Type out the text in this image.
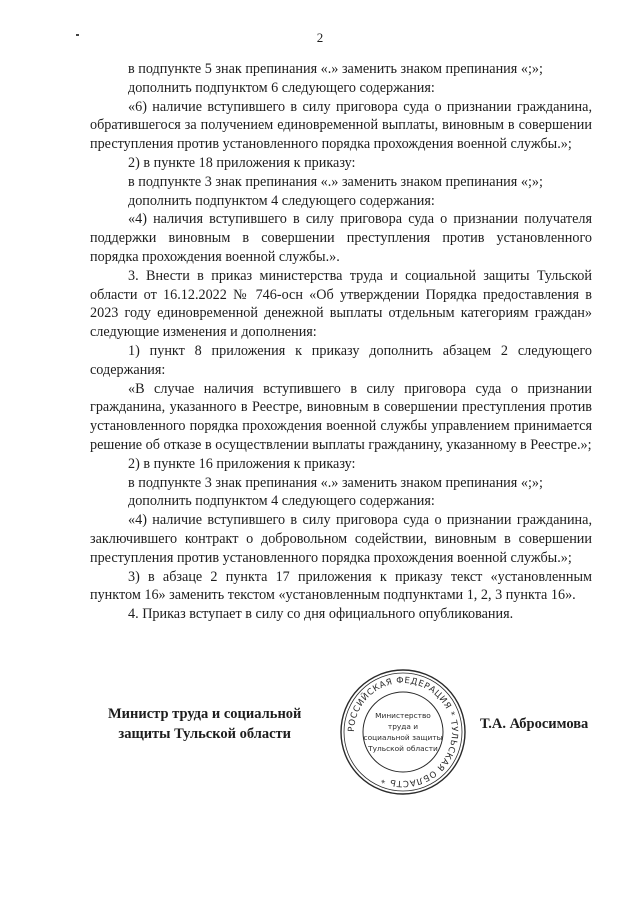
2

в подпункте 5 знак препинания «.» заменить знаком препинания «;»;

дополнить подпунктом 6 следующего содержания:

«6) наличие вступившего в силу приговора суда о признании гражданина, обратившегося за получением единовременной выплаты, виновным в совершении преступления против установленного порядка прохождения военной службы.»;

2) в пункте 18 приложения к приказу:

в подпункте 3 знак препинания «.» заменить знаком препинания «;»;

дополнить подпунктом 4 следующего содержания:

«4) наличия вступившего в силу приговора суда о признании получателя поддержки виновным в совершении преступления против установленного порядка прохождения военной службы.».

3. Внести в приказ министерства труда и социальной защиты Тульской области от 16.12.2022 № 746-осн «Об утверждении Порядка предоставления в 2023 году единовременной денежной выплаты отдельным категориям граждан» следующие изменения и дополнения:

1) пункт 8 приложения к приказу дополнить абзацем 2 следующего содержания:

«В случае наличия вступившего в силу приговора суда о признании гражданина, указанного в Реестре, виновным в совершении преступления против установленного порядка прохождения военной службы управлением принимается решение об отказе в осуществлении выплаты гражданину, указанному в Реестре.»;

2) в пункте 16 приложения к приказу:

в подпункте 3 знак препинания «.» заменить знаком препинания «;»;

дополнить подпунктом 4 следующего содержания:

«4) наличие вступившего в силу приговора суда о признании гражданина, заключившего контракт о добровольном содействии, виновным в совершении преступления против установленного порядка прохождения военной службы.»;

3) в абзаце 2 пункта 17 приложения к приказу текст «установленным пунктом 16» заменить текстом «установленным подпунктами 1, 2, 3 пункта 16».

4. Приказ вступает в силу со дня официального опубликования.

Министр труда и социальной
защиты Тульской области	РОССИЙСКАЯ ФЕДЕРАЦИЯ * ТУЛЬСКАЯ ОБЛАСТЬ *
Министерство
труда и
социальной защиты
Тульской области
Т.А. Абросимова
